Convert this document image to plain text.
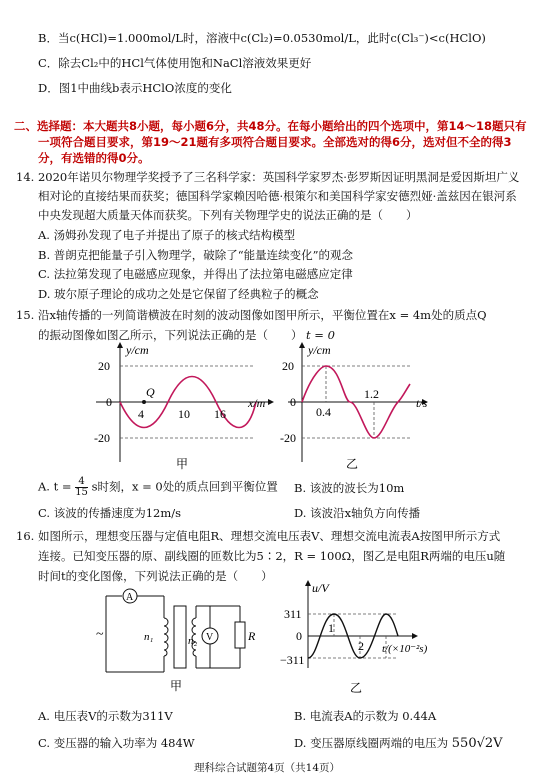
B．当c(HCl)=1.000mol/L时，溶液中c(Cl₂)=0.0530mol/L，此时c(Cl₃⁻)<c(HClO)
C．除去Cl₂中的HCl气体使用饱和NaCl溶液效果更好
D．图1中曲线b表示HClO浓度的变化
二、选择题：本大题共8小题，每小题6分，共48分。在每小题给出的四个选项中，第14～18题只有
一项符合题目要求，第19～21题有多项符合题目要求。全部选对的得6分，选对但不全的得3
分，有选错的得0分。
14. 2020年诺贝尔物理学奖授予了三名科学家：英国科学家罗杰·彭罗斯因证明黑洞是爱因斯坦广义
相对论的直接结果而获奖；德国科学家赖因哈德·根策尔和美国科学家安德烈娅·盖兹因在银河系
中央发现超大质量天体而获奖。下列有关物理学史的说法正确的是（　　）
A. 汤姆孙发现了电子并提出了原子的核式结构模型
B. 普朗克把能量子引入物理学，破除了“能量连续变化”的观念
C. 法拉第发现了电磁感应现象，并得出了法拉第电磁感应定律
D. 玻尔原子理论的成功之处是它保留了经典粒子的概念
15. 沿x轴传播的一列简谐横波在时刻的波动图像如图甲所示，平衡位置在x = 4m处的质点Q
的振动图像如图乙所示，下列说法正确的是（　　） t = 0
y/cm
x/m
20
0
-20
4	10 16
Q
甲
y/cm
t/s
20
0
-20
0.4
1.2
乙
A. $t = \frac{4}{15}$ s时刻，x = 0处的质点回到平衡位置 B. 该波的波长为10m
C. 该波的传播速度为12m/s	D. 该波沿x轴负方向传播
16. 如图所示，理想变压器与定值电阻R、理想交流电压表V、理想交流电流表A按图甲所示方式
连接。已知变压器的原、副线圈的匝数比为5∶2，R = 100Ω，图乙是电阻R两端的电压u随
时间t的变化图像，下列说法正确的是（　　）
A
~	n₁	n₂ V	R
甲
u/V
311
0
−311
1
2 t/(×10⁻²s)
乙
A. 电压表V的示数为311V	B. 电流表A的示数为 0.44A
C. 变压器的输入功率为 484W	D. 变压器原线圈两端的电压为 550√2V
理科综合试题第4页（共14页）
